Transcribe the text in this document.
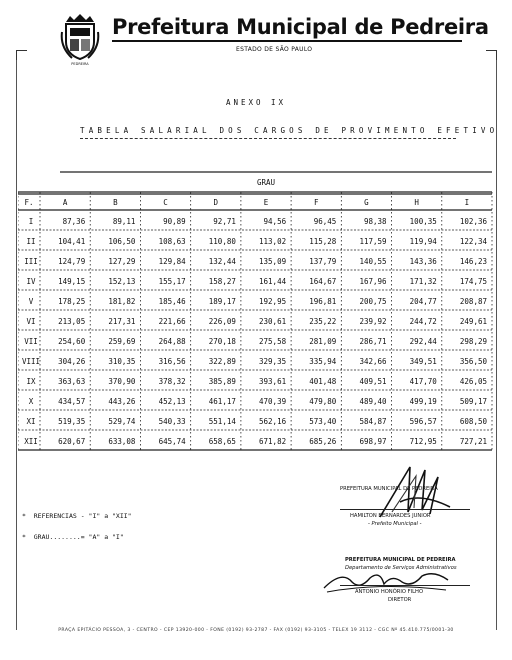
PEDREIRA
Prefeitura Municipal de Pedreira
ESTADO DE SÃO PAULO
ANEXO IX
TABELA SALARIAL DOS CARGOS DE PROVIMENTO EFETIVO
GRAU
F.	A	B	C	D	E	F	G	H	I
I	87,36	89,11	90,89	92,71	94,56	96,45	98,38	100,35	102,36
II	104,41	106,50	108,63	110,80	113,02	115,28	117,59	119,94	122,34
III	124,79	127,29	129,84	132,44	135,09	137,79	140,55	143,36	146,23
IV	149,15	152,13	155,17	158,27	161,44	164,67	167,96	171,32	174,75
V	178,25	181,82	185,46	189,17	192,95	196,81	200,75	204,77	208,87
VI	213,05	217,31	221,66	226,09	230,61	235,22	239,92	244,72	249,61
VII	254,60	259,69	264,88	270,18	275,58	281,09	286,71	292,44	298,29
VIII 304,26	310,35	316,56	322,89	329,35	335,94	342,66	349,51	356,50
IX	363,63	370,90	378,32	385,89	393,61	401,48	409,51	417,70	426,05
X	434,57	443,26	452,13	461,17	470,39	479,80	489,40	499,19	509,17
XI	519,35	529,74	540,33	551,14	562,16	573,40	584,87	596,57	608,50
XII	620,67	633,08	645,74	658,65	671,82	685,26	698,97	712,95	727,21
*  REFERENCIAS - "I" a "XII"
*  GRAU........= "A" a "I"
PREFEITURA MUNICIPAL DE PEDREIRA
HAMILTON BERNARDES JUNIOR
- Prefeito Municipal -
PREFEITURA MUNICIPAL DE PEDREIRA
Departamento de Serviços Administrativos
ANTONIO HONÓRIO FILHO
DIRETOR
PRAÇA EPITÁCIO PESSOA, 3 - CENTRO - CEP 13920-000 - FONE (0192) 93-2787 - FAX (0192) 93-3105 - TELEX 19 3112 - CGC Nº 45.410.775/0001-30
